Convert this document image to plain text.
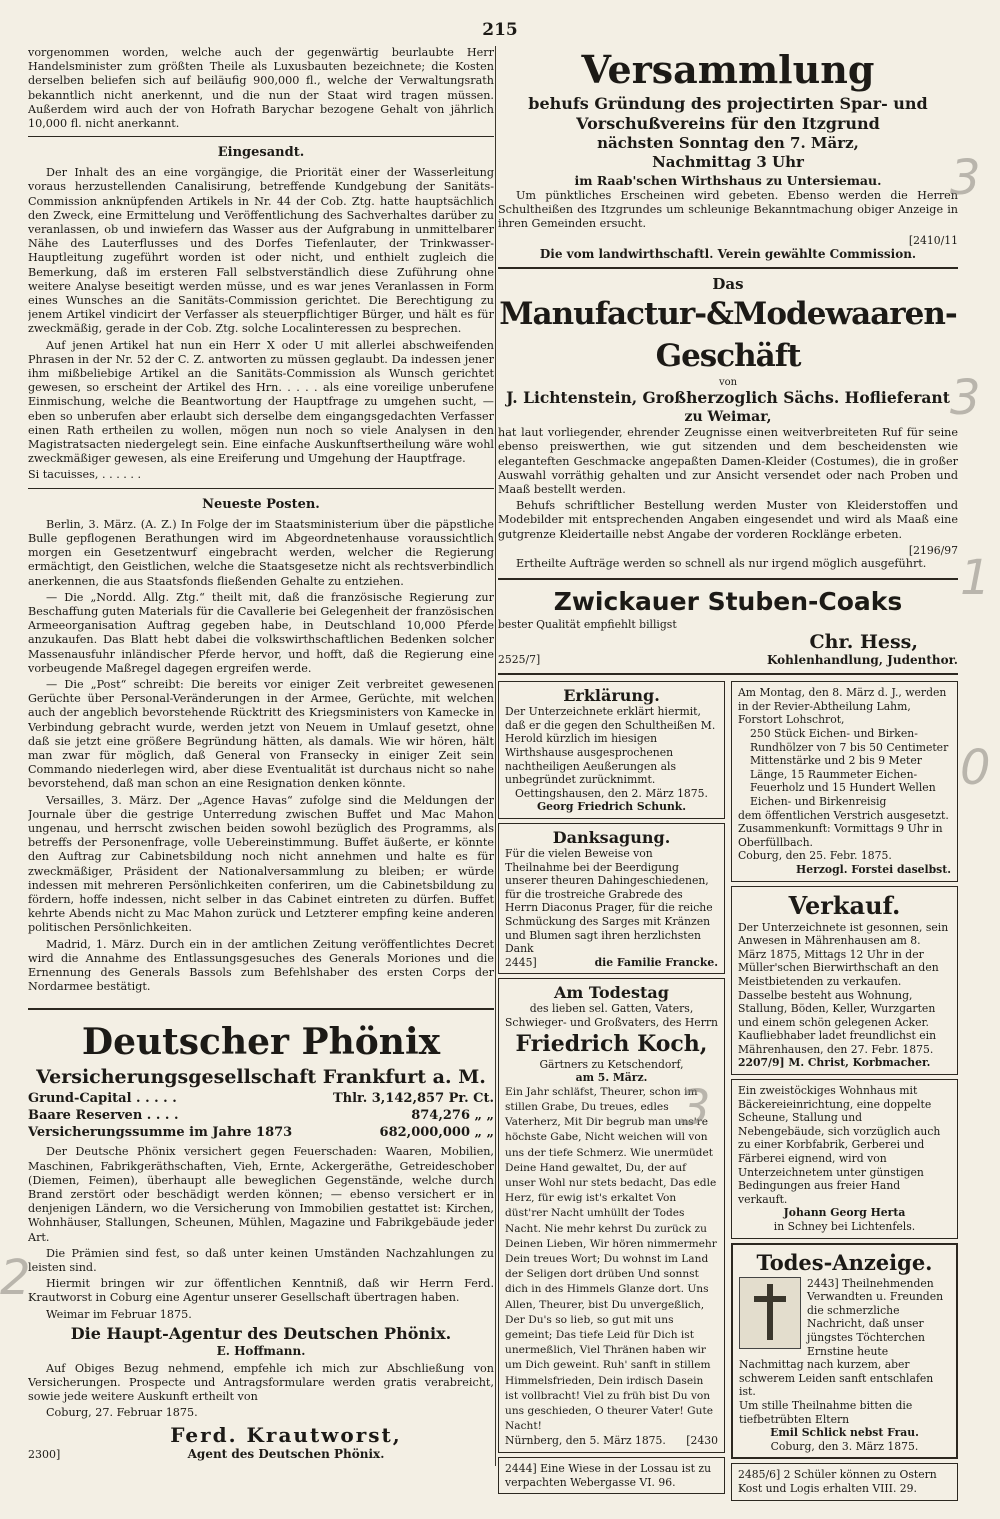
215

vorgenommen worden, welche auch der gegenwärtig beurlaubte Herr Handelsminister zum größten Theile als Luxusbauten bezeichnete; die Kosten derselben beliefen sich auf beiläufig 900,000 fl., welche der Verwaltungsrath bekanntlich nicht anerkennt, und die nun der Staat wird tragen müssen. Außerdem wird auch der von Hofrath Barychar bezogene Gehalt von jährlich 10,000 fl. nicht anerkannt.

Eingesandt.

Der Inhalt des an eine vorgängige, die Priorität einer der Wasserleitung voraus herzustellenden Canalisirung, betreffende Kundgebung der Sanitäts-Commission anknüpfenden Artikels in Nr. 44 der Cob. Ztg. hatte hauptsächlich den Zweck, eine Ermittelung und Veröffentlichung des Sachverhaltes darüber zu veranlassen, ob und inwiefern das Wasser aus der Aufgrabung in unmittelbarer Nähe des Lauterflusses und des Dorfes Tiefenlauter, der Trinkwasser-Hauptleitung zugeführt worden ist oder nicht, und enthielt zugleich die Bemerkung, daß im ersteren Fall selbstverständlich diese Zuführung ohne weitere Analyse beseitigt werden müsse, und es war jenes Veranlassen in Form eines Wunsches an die Sanitäts-Commission gerichtet. Die Berechtigung zu jenem Artikel vindicirt der Verfasser als steuerpflichtiger Bürger, und hält es für zweckmäßig, gerade in der Cob. Ztg. solche Localinteressen zu besprechen.

Auf jenen Artikel hat nun ein Herr X oder U mit allerlei abschweifenden Phrasen in der Nr. 52 der C. Z. antworten zu müssen geglaubt. Da indessen jener ihm mißbeliebige Artikel an die Sanitäts-Commission als Wunsch gerichtet gewesen, so erscheint der Artikel des Hrn. . . . . als eine voreilige unberufene Einmischung, welche die Beantwortung der Hauptfrage zu umgehen sucht, — eben so unberufen aber erlaubt sich derselbe dem eingangsgedachten Verfasser einen Rath ertheilen zu wollen, mögen nun noch so viele Analysen in den Magistratsacten niedergelegt sein. Eine einfache Auskunftsertheilung wäre wohl zweckmäßiger gewesen, als eine Ereiferung und Umgehung der Hauptfrage.

Si tacuisses, . . . . . .

Neueste Posten.

Berlin, 3. März. (A. Z.) In Folge der im Staatsministerium über die päpstliche Bulle gepflogenen Berathungen wird im Abgeordnetenhause voraussichtlich morgen ein Gesetzentwurf eingebracht werden, welcher die Regierung ermächtigt, den Geistlichen, welche die Staatsgesetze nicht als rechtsverbindlich anerkennen, die aus Staatsfonds fließenden Gehalte zu entziehen.

— Die „Nordd. Allg. Ztg.“ theilt mit, daß die französische Regierung zur Beschaffung guten Materials für die Cavallerie bei Gelegenheit der französischen Armeeorganisation Auftrag gegeben habe, in Deutschland 10,000 Pferde anzukaufen. Das Blatt hebt dabei die volkswirthschaftlichen Bedenken solcher Massenausfuhr inländischer Pferde hervor, und hofft, daß die Regierung eine vorbeugende Maßregel dagegen ergreifen werde.

— Die „Post“ schreibt: Die bereits vor einiger Zeit verbreitet gewesenen Gerüchte über Personal-Veränderungen in der Armee, Gerüchte, mit welchen auch der angeblich bevorstehende Rücktritt des Kriegsministers von Kamecke in Verbindung gebracht wurde, werden jetzt von Neuem in Umlauf gesetzt, ohne daß sie jetzt eine größere Begründung hätten, als damals. Wie wir hören, hält man zwar für möglich, daß General von Fransecky in einiger Zeit sein Commando niederlegen wird, aber diese Eventualität ist durchaus nicht so nahe bevorstehend, daß man schon an eine Resignation denken könnte.

Versailles, 3. März. Der „Agence Havas“ zufolge sind die Meldungen der Journale über die gestrige Unterredung zwischen Buffet und Mac Mahon ungenau, und herrscht zwischen beiden sowohl bezüglich des Programms, als betreffs der Personenfrage, volle Uebereinstimmung. Buffet äußerte, er könnte den Auftrag zur Cabinetsbildung noch nicht annehmen und halte es für zweckmäßiger, Präsident der Nationalversammlung zu bleiben; er würde indessen mit mehreren Persönlichkeiten conferiren, um die Cabinetsbildung zu fördern, hoffe indessen, nicht selber in das Cabinet eintreten zu dürfen. Buffet kehrte Abends nicht zu Mac Mahon zurück und Letzterer empfing keine anderen politischen Persönlichkeiten.

Madrid, 1. März. Durch ein in der amtlichen Zeitung veröffentlichtes Decret wird die Annahme des Entlassungsgesuches des Generals Moriones und die Ernennung des Generals Bassols zum Befehlshaber des ersten Corps der Nordarmee bestätigt.

Deutscher Phönix
Versicherungsgesellschaft Frankfurt a. M.
Grund-Capital . . . . .	Thlr. 3,142,857 Pr. Ct.
Baare Reserven . . . .	874,276 „ „
Versicherungssumme im Jahre 1873	682,000,000 „ „

Der Deutsche Phönix versichert gegen Feuerschaden: Waaren, Mobilien, Maschinen, Fabrikgeräthschaften, Vieh, Ernte, Ackergeräthe, Getreideschober (Diemen, Feimen), überhaupt alle beweglichen Gegenstände, welche durch Brand zerstört oder beschädigt werden können; — ebenso versichert er in denjenigen Ländern, wo die Versicherung von Immobilien gestattet ist: Kirchen, Wohnhäuser, Stallungen, Scheunen, Mühlen, Magazine und Fabrikgebäude jeder Art.

Die Prämien sind fest, so daß unter keinen Umständen Nachzahlungen zu leisten sind.

Hiermit bringen wir zur öffentlichen Kenntniß, daß wir Herrn Ferd. Krautworst in Coburg eine Agentur unserer Gesellschaft übertragen haben.

Weimar im Februar 1875.

Die Haupt-Agentur des Deutschen Phönix.
E. Hoffmann.

Auf Obiges Bezug nehmend, empfehle ich mich zur Abschließung von Versicherungen. Prospecte und Antragsformulare werden gratis verabreicht, sowie jede weitere Auskunft ertheilt von

Coburg, 27. Februar 1875.

2300]
Ferd. Krautworst,
Agent des Deutschen Phönix.
Versammlung
behufs Gründung des projectirten Spar- und
Vorschußvereins für den Itzgrund
nächsten Sonntag den 7. März,
Nachmittag 3 Uhr
im Raab'schen Wirthshaus zu Untersiemau.

Um pünktliches Erscheinen wird gebeten. Ebenso werden die Herren Schultheißen des Itzgrundes um schleunige Bekanntmachung obiger Anzeige in ihren Gemeinden ersucht.

[2410/11
Die vom landwirthschaftl. Verein gewählte Commission.
Das
Manufactur-&Modewaaren-Geschäft
von
J. Lichtenstein, Großherzoglich Sächs. Hoflieferant
zu Weimar,

hat laut vorliegender, ehrender Zeugnisse einen weitverbreiteten Ruf für seine ebenso preiswerthen, wie gut sitzenden und dem bescheidensten wie eleganteften Geschmacke angepaßten Damen-Kleider (Costumes), die in großer Auswahl vorräthig gehalten und zur Ansicht versendet oder nach Proben und Maaß bestellt werden.

Behufs schriftlicher Bestellung werden Muster von Kleiderstoffen und Modebilder mit entsprechenden Angaben eingesendet und wird als Maaß eine gutgrenze Kleidertaille nebst Angabe der vorderen Rocklänge erbeten.

[2196/97

Ertheilte Aufträge werden so schnell als nur irgend möglich ausgeführt.

Zwickauer Stuben-Coaks
bester Qualität empfiehlt billigst
Chr. Hess,
2525/7]	Kohlenhandlung, Judenthor.
Erklärung.

Der Unterzeichnete erklärt hiermit, daß er die gegen den Schultheißen M. Herold kürzlich im hiesigen Wirthshause ausgesprochenen nachtheiligen Aeußerungen als unbegründet zurücknimmt.

Oettingshausen, den 2. März 1875.

Georg Friedrich Schunk.

Danksagung.

Für die vielen Beweise von Theilnahme bei der Beerdigung unserer theuren Dahingeschiedenen, für die trostreiche Grabrede des Herrn Diaconus Prager, für die reiche Schmückung des Sarges mit Kränzen und Blumen sagt ihren herzlichsten Dank

2445]	die Familie Francke.
Am Todestag

des lieben sel. Gatten, Vaters, Schwieger- und Großvaters, des Herrn

Friedrich Koch,

Gärtners zu Ketschendorf,

am 5. März.

Ein Jahr schläfst, Theurer, schon im stillen Grabe, Du treues, edles Vaterherz, Mit Dir begrub man uns're höchste Gabe, Nicht weichen will von uns der tiefe Schmerz. Wie unermüdet Deine Hand gewaltet, Du, der auf unser Wohl nur stets bedacht, Das edle Herz, für ewig ist's erkaltet Von düst'rer Nacht umhüllt der Todes Nacht. Nie mehr kehrst Du zurück zu Deinen Lieben, Wir hören nimmermehr Dein treues Wort; Du wohnst im Land der Seligen dort drüben Und sonnst dich in des Himmels Glanze dort. Uns Allen, Theurer, bist Du unvergeßlich, Der Du's so lieb, so gut mit uns gemeint; Das tiefe Leid für Dich ist unermeßlich, Viel Thränen haben wir um Dich geweint. Ruh' sanft in stillem Himmelsfrieden, Dein irdisch Dasein ist vollbracht! Viel zu früh bist Du von uns geschieden, O theurer Vater! Gute Nacht!

Nürnberg, den 5. März 1875. [2430

2444] Eine Wiese in der Lossau ist zu verpachten Webergasse VI. 96.

Am Montag, den 8. März d. J., werden in der Revier-Abtheilung Lahm, Forstort Lohschrot,

250 Stück Eichen- und Birken-Rundhölzer von 7 bis 50 Centimeter Mittenstärke und 2 bis 9 Meter Länge, 15 Raummeter Eichen-Feuerholz und 15 Hundert Wellen Eichen- und Birkenreisig

dem öffentlichen Verstrich ausgesetzt. Zusammenkunft: Vormittags 9 Uhr in Oberfüllbach.

Coburg, den 25. Febr. 1875.

Herzogl. Forstei daselbst.

Verkauf.

Der Unterzeichnete ist gesonnen, sein Anwesen in Mährenhausen am 8. März 1875, Mittags 12 Uhr in der Müller'schen Bierwirthschaft an den Meistbietenden zu verkaufen. Dasselbe besteht aus Wohnung, Stallung, Böden, Keller, Wurzgarten und einem schön gelegenen Acker. Kaufliebhaber ladet freundlichst ein

Mährenhausen, den 27. Febr. 1875.

2207/9] M. Christ, Korbmacher.

Ein zweistöckiges Wohnhaus mit Bäckereieinrichtung, eine doppelte Scheune, Stallung und Nebengebäude, sich vorzüglich auch zu einer Korbfabrik, Gerberei und Färberei eignend, wird von Unterzeichnetem unter günstigen Bedingungen aus freier Hand verkauft.

Johann Georg Herta

in Schney bei Lichtenfels.

Todes-Anzeige.

2443] Theilnehmenden Verwandten u. Freunden die schmerzliche Nachricht, daß unser jüngstes Töchterchen Ernstine heute Nachmittag nach kurzem, aber schwerem Leiden sanft entschlafen ist.

Um stille Theilnahme bitten die tiefbetrübten Eltern

Emil Schlick nebst Frau.

Coburg, den 3. März 1875.

2485/6] 2 Schüler können zu Ostern Kost und Logis erhalten VIII. 29.

3
3
1
0
3
2
